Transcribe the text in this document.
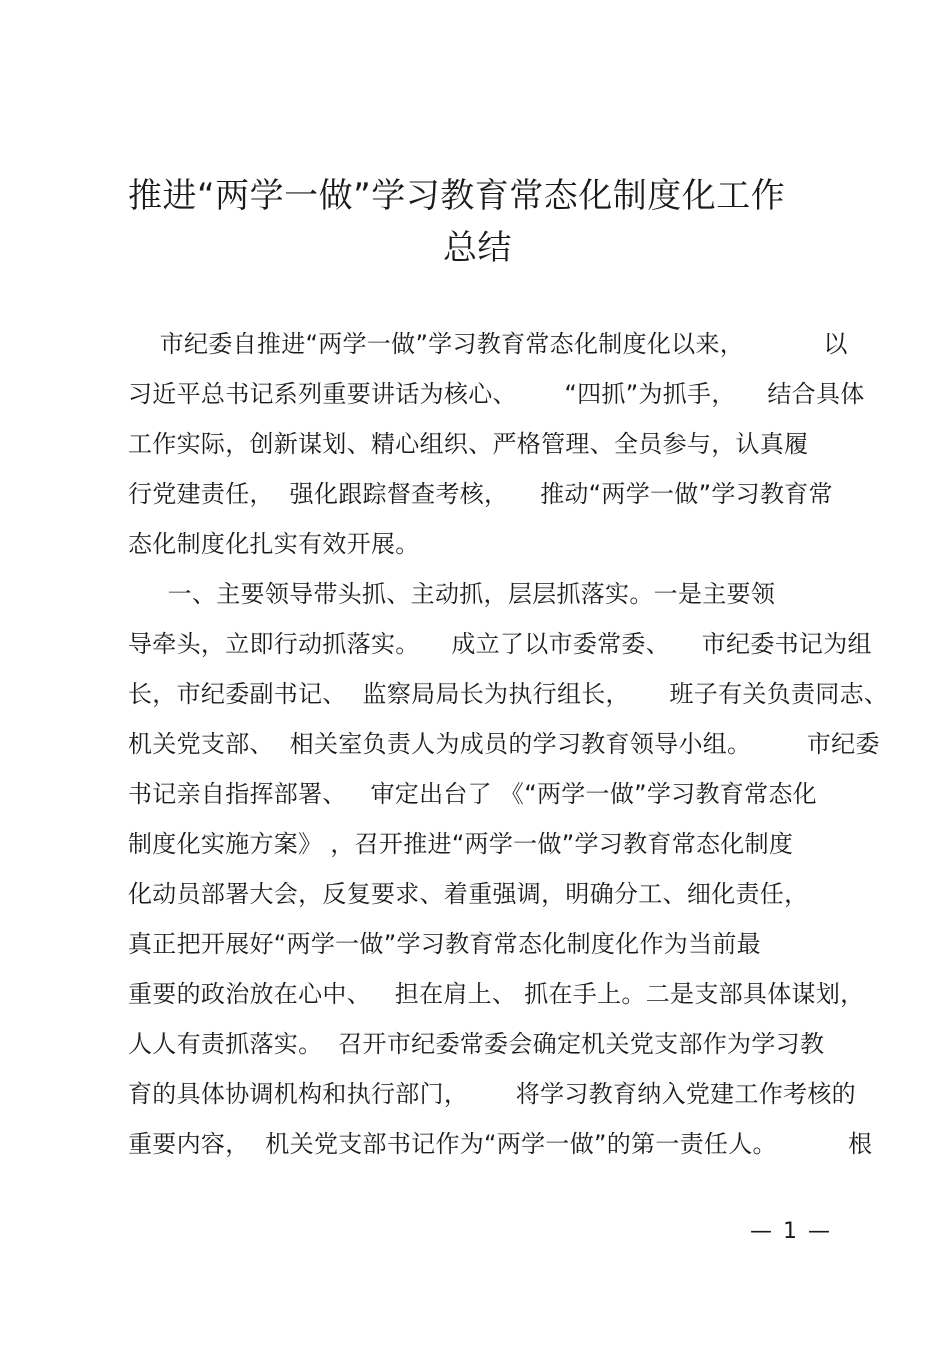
推进“两学一做”学习教育常态化制度化工作
总结
市纪委自推进“两学一做”学习教育常态化制度化以来，          以
习近平总书记系列重要讲话为核心、      “四抓”为抓手，    结合具体
工作实际，创新谋划、精心组织、严格管理、全员参与，认真履
行党建责任，  强化跟踪督查考核，    推动“两学一做”学习教育常
态化制度化扎实有效开展。
一、主要领导带头抓、主动抓，层层抓落实。一是主要领
导牵头，立即行动抓落实。    成立了以市委常委、    市纪委书记为组
长，市纪委副书记、  监察局局长为执行组长，     班子有关负责同志、
机关党支部、  相关室负责人为成员的学习教育领导小组。       市纪委
书记亲自指挥部署、   审定出台了 《“两学一做”学习教育常态化
制度化实施方案》 ，召开推进“两学一做”学习教育常态化制度
化动员部署大会，反复要求、着重强调，明确分工、细化责任，
真正把开展好“两学一做”学习教育常态化制度化作为当前最
重要的政治放在心中、   担在肩上、 抓在手上。二是支部具体谋划，
人人有责抓落实。  召开市纪委常委会确定机关党支部作为学习教
育的具体协调机构和执行部门，      将学习教育纳入党建工作考核的
重要内容，  机关党支部书记作为“两学一做”的第一责任人。         根
— 1 —
